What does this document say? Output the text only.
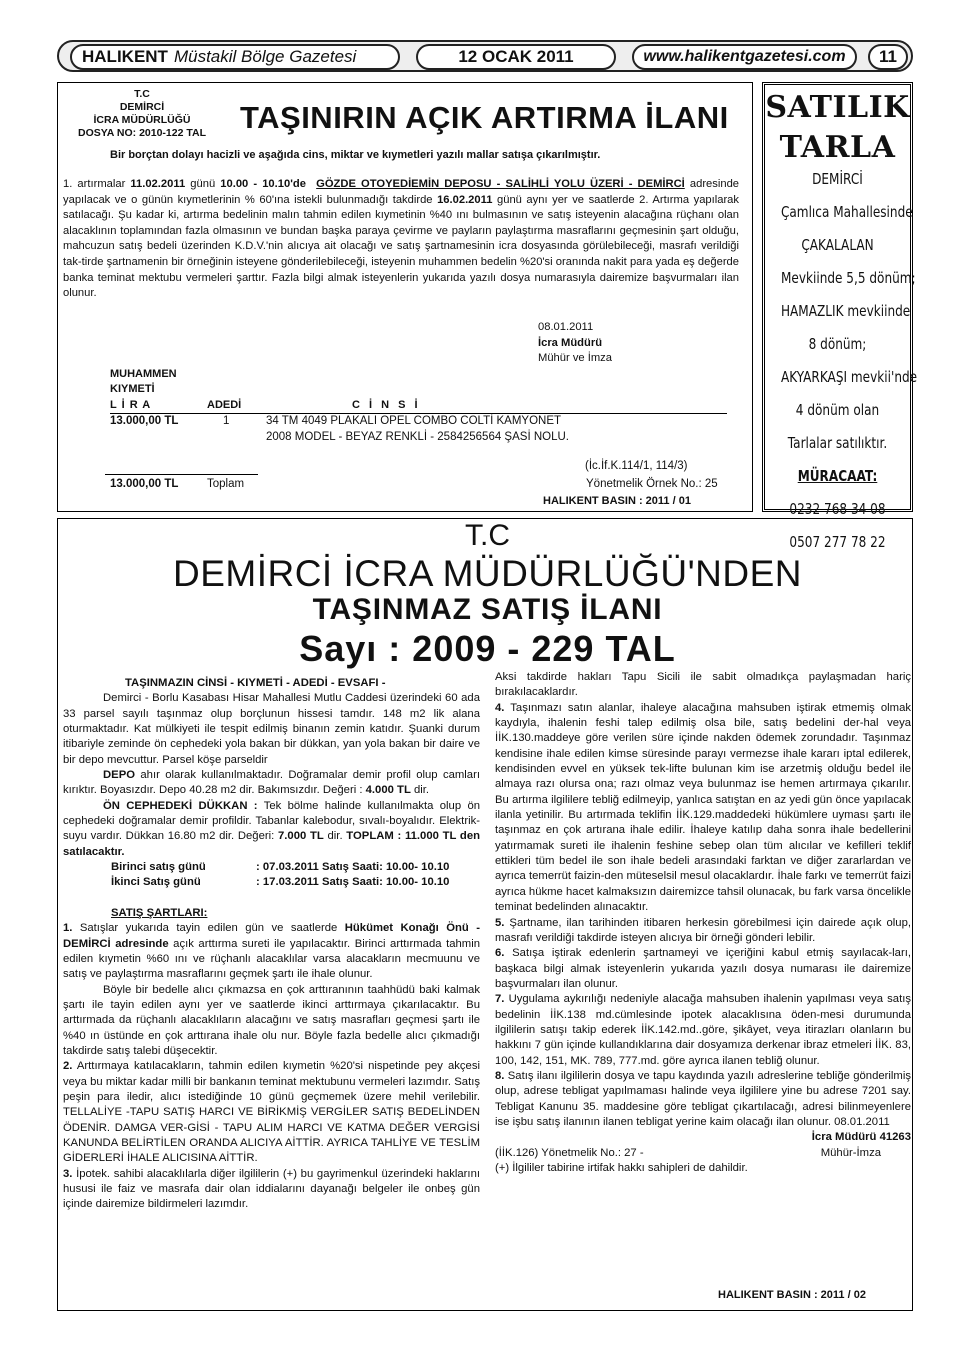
HALIKENT Müstakil Bölge Gazetesi	12 OCAK 2011	www.halikentgazetesi.com	11
T.C
DEMİRCİ
İCRA MÜDÜRLÜĞÜ
DOSYA NO: 2010-122 TAL	TAŞINIRIN AÇIK ARTIRMA İLANI
Bir borçtan dolayı hacizli ve aşağıda cins, miktar ve kıymetleri yazılı mallar satışa çıkarılmıştır.
1. artırmalar 11.02.2011 günü 10.00 - 10.10'de GÖZDE OTOYEDİEMİN DEPOSU - SALİHLİ YOLU ÜZERİ - DEMİRCİ adresinde yapılacak ve o günün kıymetlerinin % 60'ına istekli bulunmadığı takdirde 16.02.2011 günü aynı yer ve saatlerde 2. Artırma yapılarak satılacağı. Şu kadar ki, artırma bedelinin malın tahmin edilen kıymetinin %40 ını bulmasının ve satış isteyenin alacağına rüçhanı olan alacaklının toplamından fazla olmasının ve bundan başka paraya çevirme ve payların paylaştırma masraflarını geçmesinin şart olduğu, mahcuzun satış bedeli üzerinden K.D.V.'nin alıcıya ait olacağı ve satış şartnamesinin icra dosyasında görülebileceği, masrafı verildiği tak-tirde şartnamenin bir örneğinin isteyene gönderilebileceği, isteyenin muhammen bedelin %20'si oranında nakit para yada eş değerde banka teminat mektubu vermeleri şarttır. Fazla bilgi almak isteyenlerin yukarıda yazılı dosya numarasıyla dairemize başvurmaları ilan olunur.
08.01.2011
İcra Müdürü
Mühür ve İmza
MUHAMMEN
KIYMETİ
L İ R A	ADEDİ	C İ N S İ
13.000,00 TL	1	34 TM 4049 PLAKALI OPEL COMBO COLTİ KAMYONET
2008 MODEL - BEYAZ RENKLİ - 2584256564 ŞASİ NOLU.
(İc.İf.K.114/1, 114/3)
Yönetmelik Örnek No.: 25
13.000,00 TL Toplam
HALIKENT BASIN : 2011 / 01
SATILIK
TARLA
DEMİRCİ
Çamlıca Mahallesinde
ÇAKALALAN
Mevkiinde 5,5 dönüm;
HAMAZLIK mevkiinde
8 dönüm;
AKYARKAŞI mevkii'nde
4 dönüm olan
Tarlalar satılıktır.
MÜRACAAT:
0232 768 34 08
0507 277 78 22
T.C
DEMİRCİ İCRA MÜDÜRLÜĞÜ'NDEN
TAŞINMAZ SATIŞ İLANI
Sayı : 2009 - 229 TAL

TAŞINMAZIN CİNSİ - KIYMETİ - ADEDİ - EVSAFI -

Demirci - Borlu Kasabası Hisar Mahallesi Mutlu Caddesi üzerindeki 60 ada 33 parsel sayılı taşınmaz olup borçlunun hissesi tamdır. 148 m2 lik alana oturmaktadır. Kat mülkiyeti ile tespit edilmiş binanın zemin katıdır. Şuanki durum itibariyle zeminde ön cephedeki yola bakan bir dükkan, yan yola bakan bir daire ve bir depo mevcuttur. Parsel köşe parseldir

DEPO ahır olarak kullanılmaktadır. Doğramalar demir profil olup camları kırıktır. Boyasızdır. Depo 40.28 m2 dir. Bakımsızdır. Değeri : 4.000 TL dir.

ÖN CEPHEDEKİ DÜKKAN : Tek bölme halinde kullanılmakta olup ön cephedeki doğramalar demir profildir. Tabanlar kalebodur, sıvalı-boyalıdır. Elektrik-suyu vardır. Dükkan 16.80 m2 dir. Değeri: 7.000 TL dir. TOPLAM : 11.000 TL den satılacaktır.

Birinci satış günü	: 07.03.2011 Satış Saati: 10.00- 10.10

İkinci Satış günü	: 17.03.2011 Satış Saati: 10.00- 10.10

SATIŞ ŞARTLARI:

1. Satışlar yukarıda tayin edilen gün ve saatlerde Hükümet Konağı Önü - DEMİRCİ adresinde açık arttırma sureti ile yapılacaktır. Birinci arttırmada tahmin edilen kıymetin %60 ını ve rüçhanlı alacaklılar varsa alacakların mecmuunu ve satış ve paylaştırma masraflarını geçmek şartı ile ihale olunur.

Böyle bir bedelle alıcı çıkmazsa en çok arttıranının taahhüdü baki kalmak şartı ile tayin edilen aynı yer ve saatlerde ikinci arttırmaya çıkarılacaktır. Bu arttırmada da rüçhanlı alacaklıların alacağını ve satış masrafları geçmesi şartı ile %40 ın üstünde en çok arttırana ihale olu nur. Böyle fazla bedelle alıcı çıkmadığı takdirde satış talebi düşecektir.

2. Arttırmaya katılacakların, tahmin edilen kıymetin %20'si nispetinde pey akçesi veya bu miktar kadar milli bir bankanın teminat mektubunu vermeleri lazımdır. Satış peşin para iledir, alıcı istediğinde 10 günü geçmemek üzere mehil verilebilir. TELLALİYE -TAPU SATIŞ HARCI VE BİRİKMİŞ VERGİLER SATIŞ BEDELİNDEN ÖDENİR. DAMGA VER-GİSİ - TAPU ALIM HARCI VE KATMA DEĞER VERGİSİ KANUNDA BELİRTİLEN ORANDA ALICIYA AİTTİR. AYRICA TAHLİYE VE TESLİM GİDERLERİ İHALE ALICISINA AİTTİR.

3. İpotek. sahibi alacaklılarla diğer ilgililerin (+) bu gayrimenkul üzerindeki haklarını hususi ile faiz ve masrafa dair olan iddialarını dayanağı belgeler ile onbeş gün içinde dairemize bildirmeleri lazımdır.

Aksi takdirde hakları Tapu Sicili ile sabit olmadıkça paylaşmadan hariç bırakılacaklardır.

4. Taşınmazı satın alanlar, ihaleye alacağına mahsuben iştirak etmemiş olmak kaydıyla, ihalenin feshi talep edilmiş olsa bile, satış bedelini der-hal veya İİK.130.maddeye göre verilen süre içinde nakden ödemek zorundadır. Taşınmaz kendisine ihale edilen kimse süresinde parayı vermezse ihale kararı iptal edilerek, kendisinden evvel en yüksek tek-lifte bulunan kim ise arzetmiş olduğu bedel ile almaya razı olursa ona; razı olmaz veya bulunmaz ise hemen artırmaya çıkarılır. Bu artırma ilgililere tebliğ edilmeyip, yanlıca satıştan en az yedi gün önce yapılacak ilanla yetinilir. Bu artırmada teklifin İİK.129.maddedeki hükümlere uyması şartı ile taşınmaz en çok artırana ihale edilir. İhaleye katılıp daha sonra ihale bedellerini yatırmamak sureti ile ihalenin feshine sebep olan tüm alıcılar ve kefilleri teklif ettikleri tüm bedel ile son ihale bedeli arasındaki farktan ve diğer zararlardan ve ayrıca temerrüt faizin-den müteselsil mesul olacaklardır. İhale farkı ve temerrüt faizi ayrıca hükme hacet kalmaksızın dairemizce tahsil olunacak, bu fark varsa öncelikle teminat bedelinden alınacaktır.

5. Şartname, ilan tarihinden itibaren herkesin görebilmesi için dairede açık olup, masrafı verildiği takdirde isteyen alıcıya bir örneği gönderi lebilir.

6. Satışa iştirak edenlerin şartnameyi ve içeriğini kabul etmiş sayılacak-ları, başkaca bilgi almak isteyenlerin yukarıda yazılı dosya numarası ile dairemize başvurmaları ilan olunur.

7. Uygulama aykırılığı nedeniyle alacağa mahsuben ihalenin yapılması veya satış bedelinin İİK.138 md.cümlesinde ipotek alacaklısına öden-mesi durumunda ilgililerin satışı takip ederek İİK.142.md..göre, şikâyet, veya itirazları olanların bu hakkını 7 gün içinde kullandıklarına dair dosyamıza derkenar ibraz etmeleri İİK. 83, 100, 142, 151, MK. 789, 777.md. göre ayrıca ilanen tebliğ olunur.

8. Satış ilanı ilgililerin dosya ve tapu kaydında yazılı adreslerine tebliğe gönderilmiş olup, adrese tebligat yapılmaması halinde veya ilgililere yine bu adrese 7201 say. Tebligat Kanunu 35. maddesine göre tebligat çıkartılacağı, adresi bilinmeyenlere ise işbu satış ilanının ilanen tebligat yerine kaim olacağı ilan olunur. 08.01.2011

İcra Müdürü 41263

(İİK.126) Yönetmelik No.: 27 -	Mühür-İmza

(+) İlgililer tabirine irtifak hakkı sahipleri de dahildir.

HALIKENT BASIN : 2011 / 02
